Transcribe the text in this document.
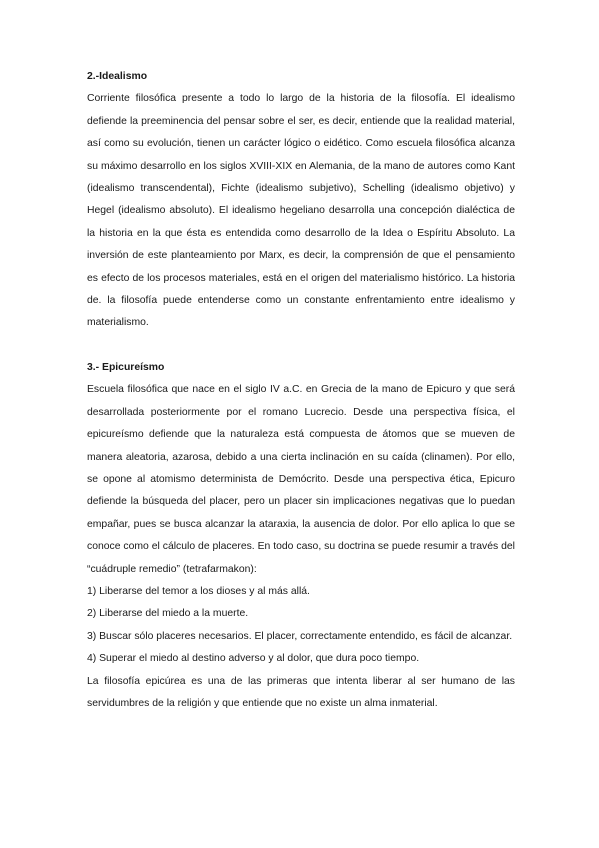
2.-Idealismo

Corriente filosófica presente a todo lo largo de la historia de la filosofía. El idealismo defiende la preeminencia del pensar sobre el ser, es decir, entiende que la realidad material, así como su evolución, tienen un carácter lógico o eidético. Como escuela filosófica alcanza su máximo desarrollo en los siglos XVIII-XIX en Alemania, de la mano de autores como Kant (idealismo transcendental), Fichte (idealismo subjetivo), Schelling (idealismo objetivo) y Hegel (idealismo absoluto). El idealismo hegeliano desarrolla una concepción dialéctica de la historia en la que ésta es entendida como desarrollo de la Idea o Espíritu Absoluto. La inversión de este planteamiento por Marx, es decir, la comprensión de que el pensamiento es efecto de los procesos materiales, está en el origen del materialismo histórico. La historia de. la filosofía puede entenderse como un constante enfrentamiento entre idealismo y materialismo.

3.- Epicureísmo

Escuela filosófica que nace en el siglo IV a.C. en Grecia de la mano de Epicuro y que será desarrollada posteriormente por el romano Lucrecio. Desde una perspectiva física, el epicureísmo defiende que la naturaleza está compuesta de átomos que se mueven de manera aleatoria, azarosa, debido a una cierta inclinación en su caída (clinamen). Por ello, se opone al atomismo determinista de Demócrito. Desde una perspectiva ética, Epicuro defiende la búsqueda del placer, pero un placer sin implicaciones negativas que lo puedan empañar, pues se busca alcanzar la ataraxia, la ausencia de dolor. Por ello aplica lo que se conoce como el cálculo de placeres. En todo caso, su doctrina se puede resumir a través del “cuádruple remedio” (tetrafarmakon):

1) Liberarse del temor a los dioses y al más allá.

2) Liberarse del miedo a la muerte.

3) Buscar sólo placeres necesarios. El placer, correctamente entendido, es fácil de alcanzar.

4) Superar el miedo al destino adverso y al dolor, que dura poco tiempo.

La filosofía epicúrea es una de las primeras que intenta liberar al ser humano de las servidumbres de la religión y que entiende que no existe un alma inmaterial.
